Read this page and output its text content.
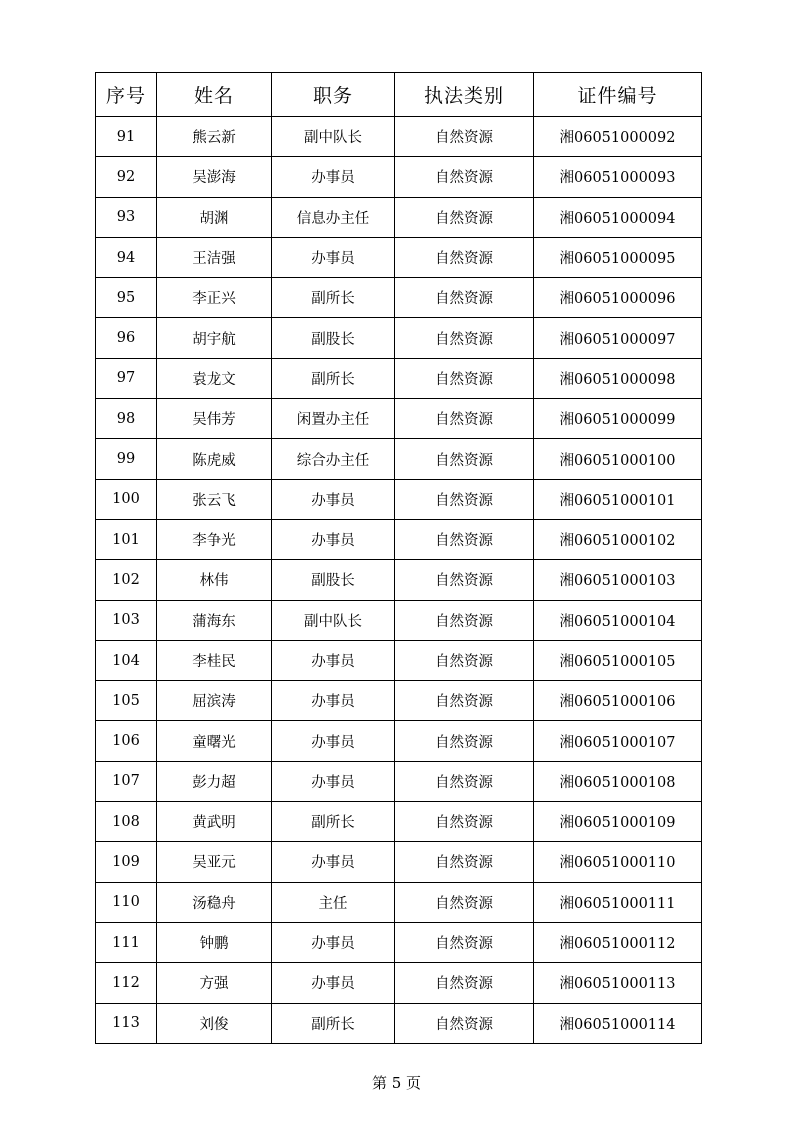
序号	姓名	职务	执法类别	证件编号
91	熊云新	副中队长	自然资源	湘06051000092
92	吴澎海	办事员	自然资源	湘06051000093
93	胡渊	信息办主任	自然资源	湘06051000094
94	王洁强	办事员	自然资源	湘06051000095
95	李正兴	副所长	自然资源	湘06051000096
96	胡宇航	副股长	自然资源	湘06051000097
97	袁龙文	副所长	自然资源	湘06051000098
98	吴伟芳	闲置办主任	自然资源	湘06051000099
99	陈虎威	综合办主任	自然资源	湘06051000100
100	张云飞	办事员	自然资源	湘06051000101
101	李争光	办事员	自然资源	湘06051000102
102	林伟	副股长	自然资源	湘06051000103
103	蒲海东	副中队长	自然资源	湘06051000104
104	李桂民	办事员	自然资源	湘06051000105
105	屈滨涛	办事员	自然资源	湘06051000106
106	童曙光	办事员	自然资源	湘06051000107
107	彭力超	办事员	自然资源	湘06051000108
108	黄武明	副所长	自然资源	湘06051000109
109	吴亚元	办事员	自然资源	湘06051000110
110	汤稳舟	主任	自然资源	湘06051000111
111	钟鹏	办事员	自然资源	湘06051000112
112	方强	办事员	自然资源	湘06051000113
113	刘俊	副所长	自然资源	湘06051000114
第 5 页
